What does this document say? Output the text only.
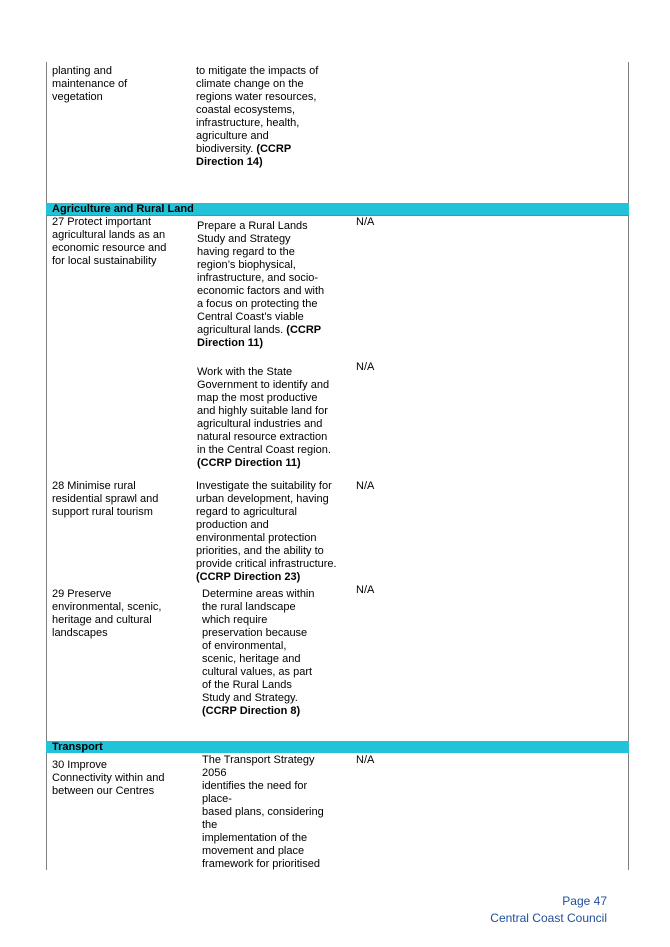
planting and
maintenance of
vegetation
to mitigate the impacts of
climate change on the
regions water resources,
coastal ecosystems,
infrastructure, health,
agriculture and
biodiversity. (CCRP
Direction 14)
Agriculture and Rural Land
27 Protect important
agricultural lands as an
economic resource and
for local sustainability
Prepare a Rural Lands
Study and Strategy
having regard to the
region’s biophysical,
infrastructure, and socio-
economic factors and with
a focus on protecting the
Central Coast’s viable
agricultural lands. (CCRP
Direction 11)
N/A
Work with the State
Government to identify and
map the most productive
and highly suitable land for
agricultural industries and
natural resource extraction
in the Central Coast region.
(CCRP Direction 11)
N/A
28 Minimise rural
residential sprawl and
support rural tourism
Investigate the suitability for
urban development, having
regard to agricultural
production and
environmental protection
priorities, and the ability to
provide critical infrastructure.
(CCRP Direction 23)
N/A
29 Preserve
environmental, scenic,
heritage and cultural
landscapes
Determine areas within
the rural landscape
which require
preservation because
of environmental,
scenic, heritage and
cultural values, as part
of the Rural Lands
Study and Strategy.
(CCRP Direction 8)
N/A
Transport
30 Improve
Connectivity within and
between our Centres
The Transport Strategy
2056
identifies the need for
place-
based plans, considering
the
implementation of the
movement and place
framework for prioritised
N/A
Page 47
Central Coast Council
